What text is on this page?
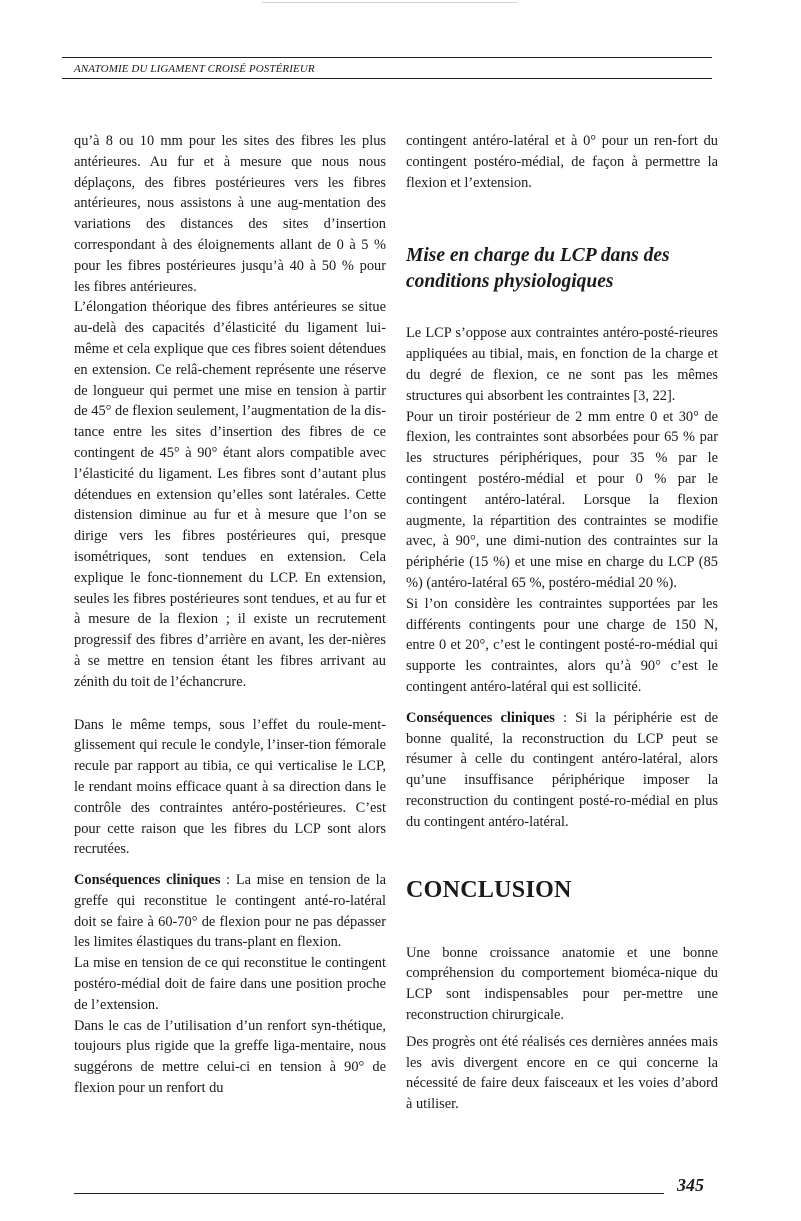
ANATOMIE DU LIGAMENT CROISÉ POSTÉRIEUR

qu’à 8 ou 10 mm pour les sites des fibres les plus antérieures. Au fur et à mesure que nous nous déplaçons, des fibres postérieures vers les fibres antérieures, nous assistons à une aug-mentation des variations des distances des sites d’insertion correspondant à des éloignements allant de 0 à 5 % pour les fibres postérieures jusqu’à 40 à 50 % pour les fibres antérieures.

L’élongation théorique des fibres antérieures se situe au-delà des capacités d’élasticité du ligament lui-même et cela explique que ces fibres soient détendues en extension. Ce relâ-chement représente une réserve de longueur qui permet une mise en tension à partir de 45° de flexion seulement, l’augmentation de la dis-tance entre les sites d’insertion des fibres de ce contingent de 45° à 90° étant alors compatible avec l’élasticité du ligament. Les fibres sont d’autant plus détendues en extension qu’elles sont latérales. Cette distension diminue au fur et à mesure que l’on se dirige vers les fibres postérieures qui, presque isométriques, sont tendues en extension. Cela explique le fonc-tionnement du LCP. En extension, seules les fibres postérieures sont tendues, et au fur et à mesure de la flexion ; il existe un recrutement progressif des fibres d’arrière en avant, les der-nières à se mettre en tension étant les fibres arrivant au zénith du toit de l’échancrure.

Dans le même temps, sous l’effet du roule-ment-glissement qui recule le condyle, l’inser-tion fémorale recule par rapport au tibia, ce qui verticalise le LCP, le rendant moins efficace quant à sa direction dans le contrôle des contraintes antéro-postérieures. C’est pour cette raison que les fibres du LCP sont alors recrutées.

Conséquences cliniques : La mise en tension de la greffe qui reconstitue le contingent anté-ro-latéral doit se faire à 60-70° de flexion pour ne pas dépasser les limites élastiques du trans-plant en flexion.

La mise en tension de ce qui reconstitue le contingent postéro-médial doit de faire dans une position proche de l’extension.

Dans le cas de l’utilisation d’un renfort syn-thétique, toujours plus rigide que la greffe liga-mentaire, nous suggérons de mettre celui-ci en tension à 90° de flexion pour un renfort du

contingent antéro-latéral et à 0° pour un ren-fort du contingent postéro-médial, de façon à permettre la flexion et l’extension.

Mise en charge du LCP dans des conditions physiologiques

Le LCP s’oppose aux contraintes antéro-posté-rieures appliquées au tibial, mais, en fonction de la charge et du degré de flexion, ce ne sont pas les mêmes structures qui absorbent les contraintes [3, 22].

Pour un tiroir postérieur de 2 mm entre 0 et 30° de flexion, les contraintes sont absorbées pour 65 % par les structures périphériques, pour 35 % par le contingent postéro-médial et pour 0 % par le contingent antéro-latéral. Lorsque la flexion augmente, la répartition des contraintes se modifie avec, à 90°, une dimi-nution des contraintes sur la périphérie (15 %) et une mise en charge du LCP (85 %) (antéro-latéral 65 %, postéro-médial 20 %).

Si l’on considère les contraintes supportées par les différents contingents pour une charge de 150 N, entre 0 et 20°, c’est le contingent posté-ro-médial qui supporte les contraintes, alors qu’à 90° c’est le contingent antéro-latéral qui est sollicité.

Conséquences cliniques : Si la périphérie est de bonne qualité, la reconstruction du LCP peut se résumer à celle du contingent antéro-latéral, alors qu’une insuffisance périphérique imposer la reconstruction du contingent posté-ro-médial en plus du contingent antéro-latéral.

CONCLUSION

Une bonne croissance anatomie et une bonne compréhension du comportement biomécа-nique du LCP sont indispensables pour per-mettre une reconstruction chirurgicale.

Des progrès ont été réalisés ces dernières années mais les avis divergent encore en ce qui concerne la nécessité de faire deux faisceaux et les voies d’abord à utiliser.

345
